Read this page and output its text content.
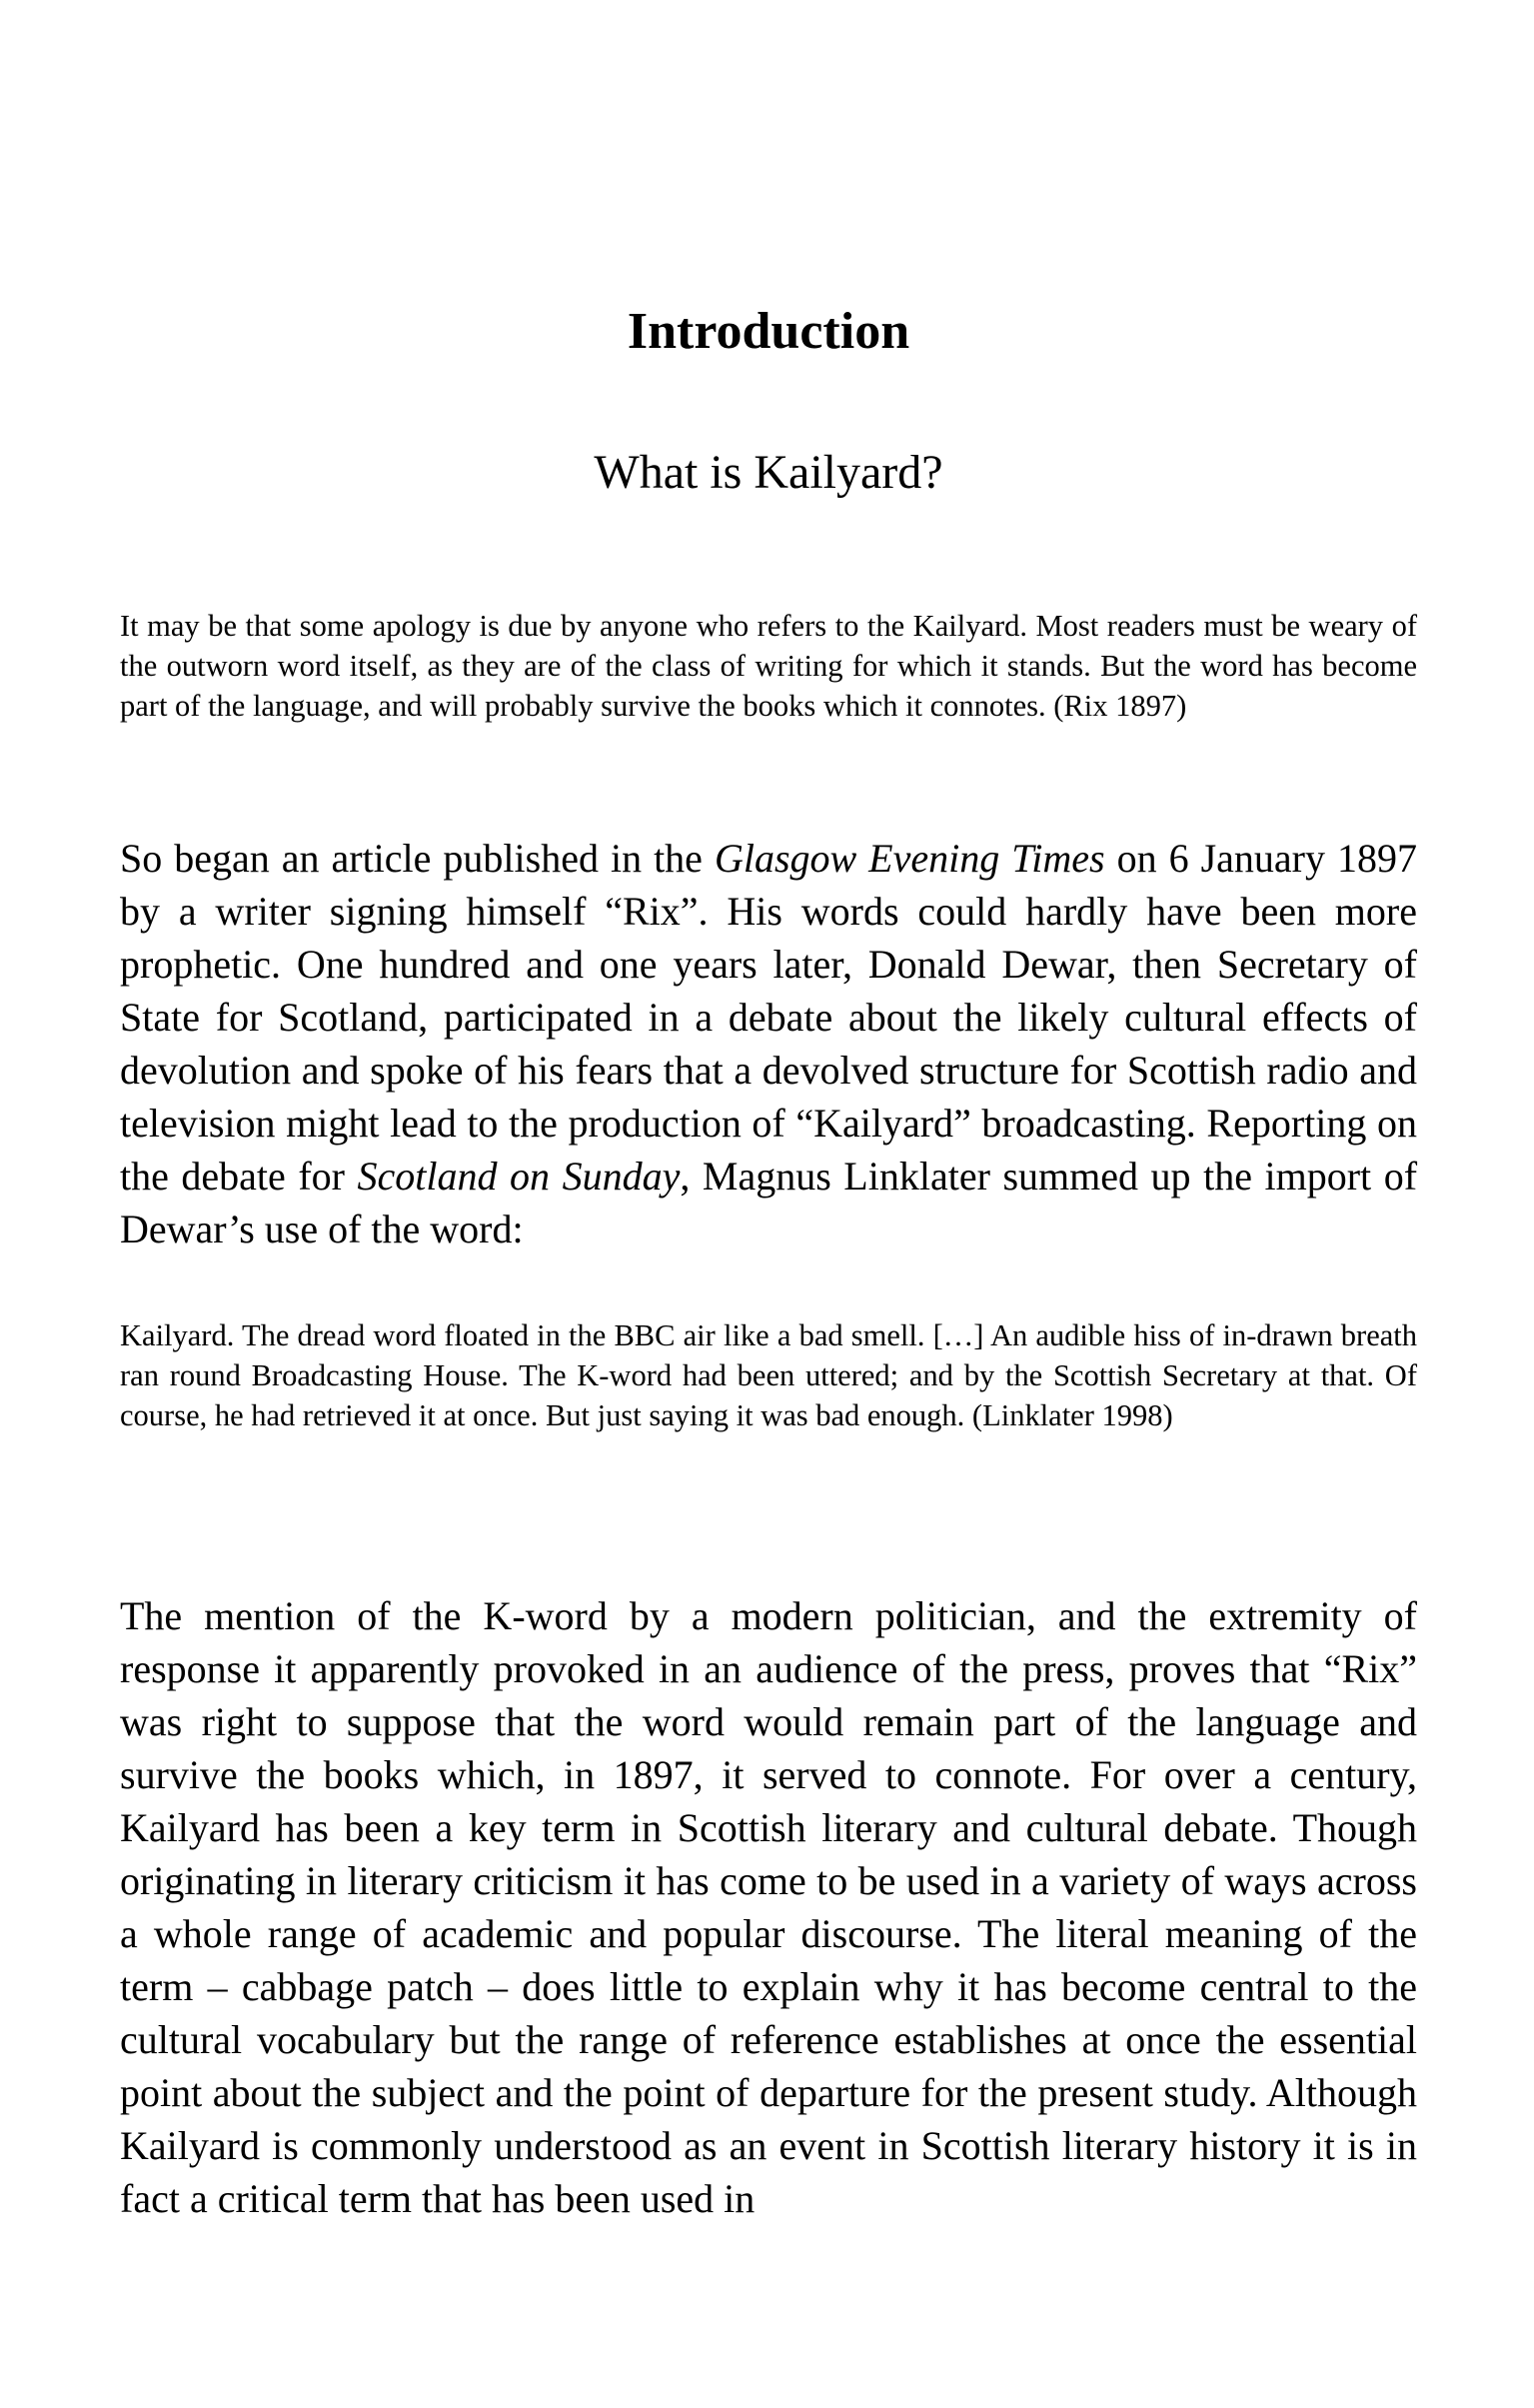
Introduction
What is Kailyard?

It may be that some apology is due by anyone who refers to the Kailyard. Most readers must be weary of the outworn word itself, as they are of the class of writing for which it stands. But the word has become part of the language, and will probably survive the books which it connotes. (Rix 1897)

So began an article published in the Glasgow Evening Times on 6 January 1897 by a writer signing himself “Rix”. His words could hardly have been more prophetic. One hundred and one years later, Donald Dewar, then Secretary of State for Scotland, participated in a debate about the likely cultural effects of devolution and spoke of his fears that a devolved structure for Scottish radio and television might lead to the production of “Kailyard” broadcasting. Reporting on the debate for Scotland on Sunday, Magnus Linklater summed up the import of Dewar’s use of the word:

Kailyard. The dread word floated in the BBC air like a bad smell. […] An audible hiss of in-drawn breath ran round Broadcasting House. The K-word had been uttered; and by the Scottish Secretary at that. Of course, he had retrieved it at once. But just saying it was bad enough. (Linklater 1998)

The mention of the K-word by a modern politician, and the extremity of response it apparently provoked in an audience of the press, proves that “Rix” was right to suppose that the word would remain part of the language and survive the books which, in 1897, it served to connote. For over a century, Kailyard has been a key term in Scottish literary and cultural debate. Though originating in literary criticism it has come to be used in a variety of ways across a whole range of academic and popular discourse. The literal meaning of the term – cabbage patch – does little to explain why it has become central to the cultural vocabulary but the range of reference establishes at once the essential point about the subject and the point of departure for the present study. Although Kailyard is commonly understood as an event in Scottish literary history it is in fact a critical term that has been used in
